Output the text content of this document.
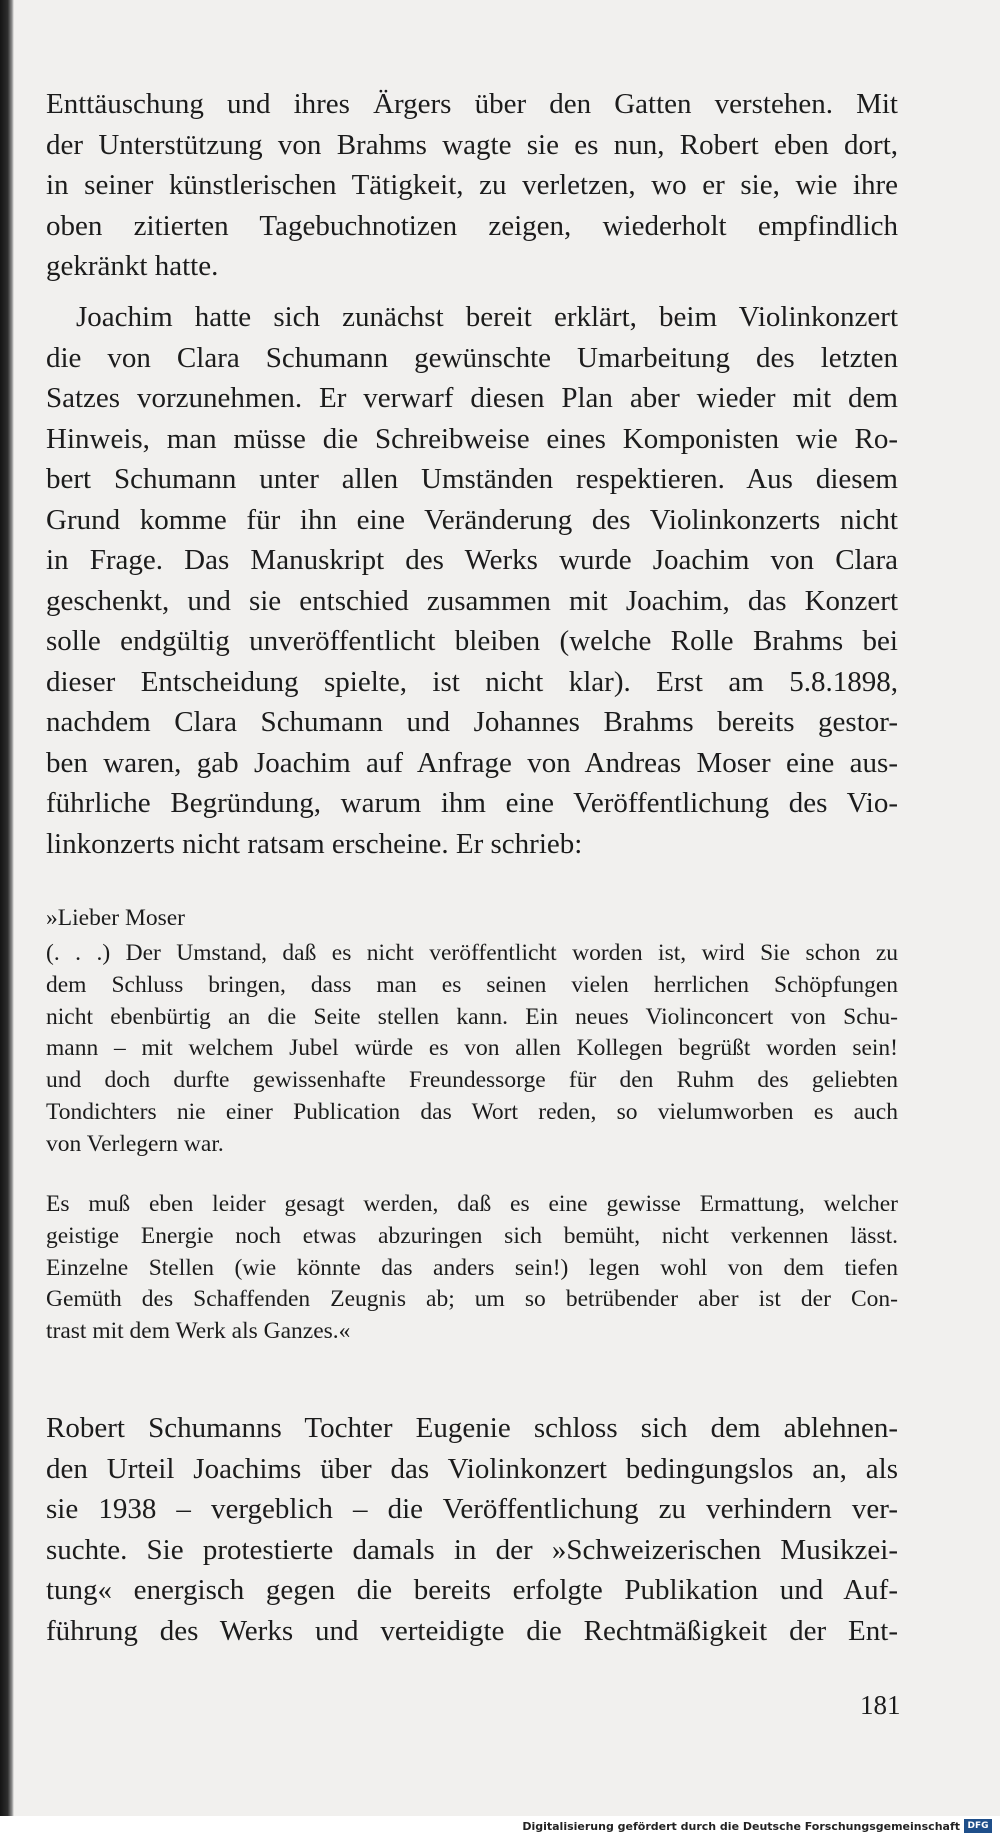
Enttäuschung und ihres Ärgers über den Gatten verstehen. Mit
der Unterstützung von Brahms wagte sie es nun, Robert eben dort,
in seiner künstlerischen Tätigkeit, zu verletzen, wo er sie, wie ihre
oben zitierten Tagebuchnotizen zeigen, wiederholt empfindlich
gekränkt hatte.
Joachim hatte sich zunächst bereit erklärt, beim Violinkonzert
die von Clara Schumann gewünschte Umarbeitung des letzten
Satzes vorzunehmen. Er verwarf diesen Plan aber wieder mit dem
Hinweis, man müsse die Schreibweise eines Komponisten wie Ro-
bert Schumann unter allen Umständen respektieren. Aus diesem
Grund komme für ihn eine Veränderung des Violinkonzerts nicht
in Frage. Das Manuskript des Werks wurde Joachim von Clara
geschenkt, und sie entschied zusammen mit Joachim, das Konzert
solle endgültig unveröffentlicht bleiben (welche Rolle Brahms bei
dieser Entscheidung spielte, ist nicht klar). Erst am 5.8.1898,
nachdem Clara Schumann und Johannes Brahms bereits gestor-
ben waren, gab Joachim auf Anfrage von Andreas Moser eine aus-
führliche Begründung, warum ihm eine Veröffentlichung des Vio-
linkonzerts nicht ratsam erscheine. Er schrieb:
»Lieber Moser
(. . .) Der Umstand, daß es nicht veröffentlicht worden ist, wird Sie schon zu
dem Schluss bringen, dass man es seinen vielen herrlichen Schöpfungen
nicht ebenbürtig an die Seite stellen kann. Ein neues Violinconcert von Schu-
mann – mit welchem Jubel würde es von allen Kollegen begrüßt worden sein!
und doch durfte gewissenhafte Freundessorge für den Ruhm des geliebten
Tondichters nie einer Publication das Wort reden, so vielumworben es auch
von Verlegern war.
Es muß eben leider gesagt werden, daß es eine gewisse Ermattung, welcher
geistige Energie noch etwas abzuringen sich bemüht, nicht verkennen lässt.
Einzelne Stellen (wie könnte das anders sein!) legen wohl von dem tiefen
Gemüth des Schaffenden Zeugnis ab; um so betrübender aber ist der Con-
trast mit dem Werk als Ganzes.«
Robert Schumanns Tochter Eugenie schloss sich dem ablehnen-
den Urteil Joachims über das Violinkonzert bedingungslos an, als
sie 1938 – vergeblich – die Veröffentlichung zu verhindern ver-
suchte. Sie protestierte damals in der »Schweizerischen Musikzei-
tung« energisch gegen die bereits erfolgte Publikation und Auf-
führung des Werks und verteidigte die Rechtmäßigkeit der Ent-

181

Digitalisierung gefördert durch die Deutsche Forschungsgemeinschaft DFG
